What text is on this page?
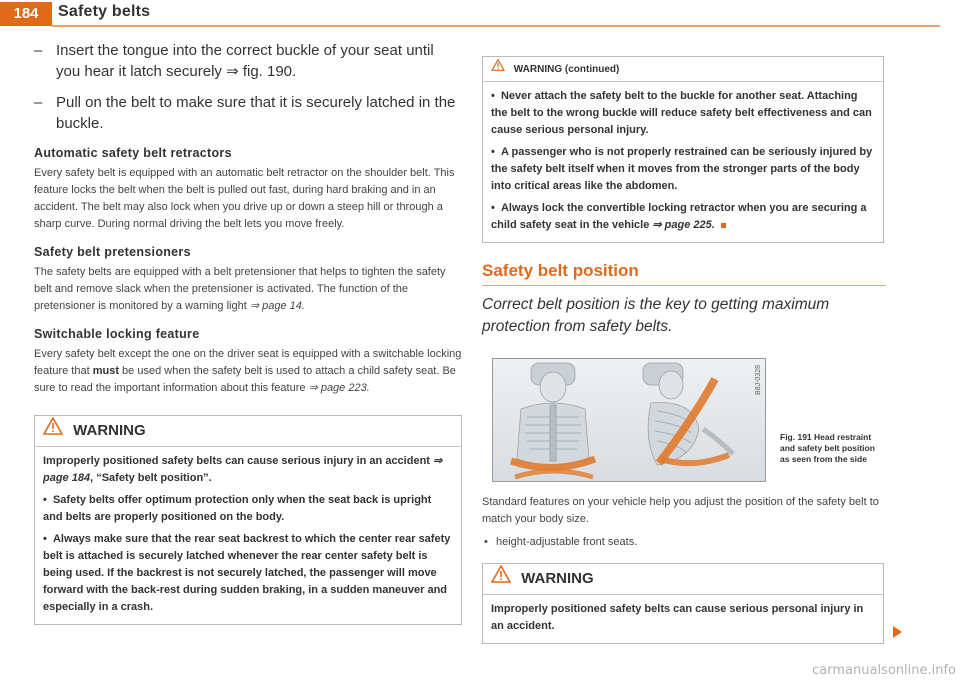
184	Safety belts
– Insert the tongue into the correct buckle of your seat until you hear it latch securely ⇒ fig. 190.
– Pull on the belt to make sure that it is securely latched in the buckle.
Automatic safety belt retractors

Every safety belt is equipped with an automatic belt retractor on the shoulder belt. This feature locks the belt when the belt is pulled out fast, during hard braking and in an accident. The belt may also lock when you drive up or down a steep hill or through a sharp curve. During normal driving the belt lets you move freely.

Safety belt pretensioners

The safety belts are equipped with a belt pretensioner that helps to tighten the safety belt and remove slack when the pretensioner is activated. The function of the pretensioner is monitored by a warning light ⇒ page 14.

Switchable locking feature

Every safety belt except the one on the driver seat is equipped with a switchable locking feature that must be used when the safety belt is used to attach a child safety seat. Be sure to read the important information about this feature ⇒ page 223.

WARNING

Improperly positioned safety belts can cause serious injury in an accident ⇒ page 184, “Safety belt position”.

•  Safety belts offer optimum protection only when the seat back is upright and belts are properly positioned on the body.

•  Always make sure that the rear seat backrest to which the center rear safety belt is attached is securely latched whenever the rear center safety belt is being used. If the backrest is not securely latched, the passenger will move forward with the back-rest during sudden braking, in a sudden maneuver and especially in a crash.

WARNING (continued)

•  Never attach the safety belt to the buckle for another seat. Attaching the belt to the wrong buckle will reduce safety belt effectiveness and can cause serious personal injury.

•  A passenger who is not properly restrained can be seriously injured by the safety belt itself when it moves from the stronger parts of the body into critical areas like the abdomen.

•  Always lock the convertible locking retractor when you are securing a child safety seat in the vehicle ⇒ page 225.

Safety belt position
Correct belt position is the key to getting maximum protection from safety belts.
B8J-0328
Fig. 191 Head restraint and safety belt position as seen from the side
Standard features on your vehicle help you adjust the position of the safety belt to match your body size.
• height-adjustable front seats.
WARNING

Improperly positioned safety belts can cause serious personal injury in an accident.

carmanualsonline.info
